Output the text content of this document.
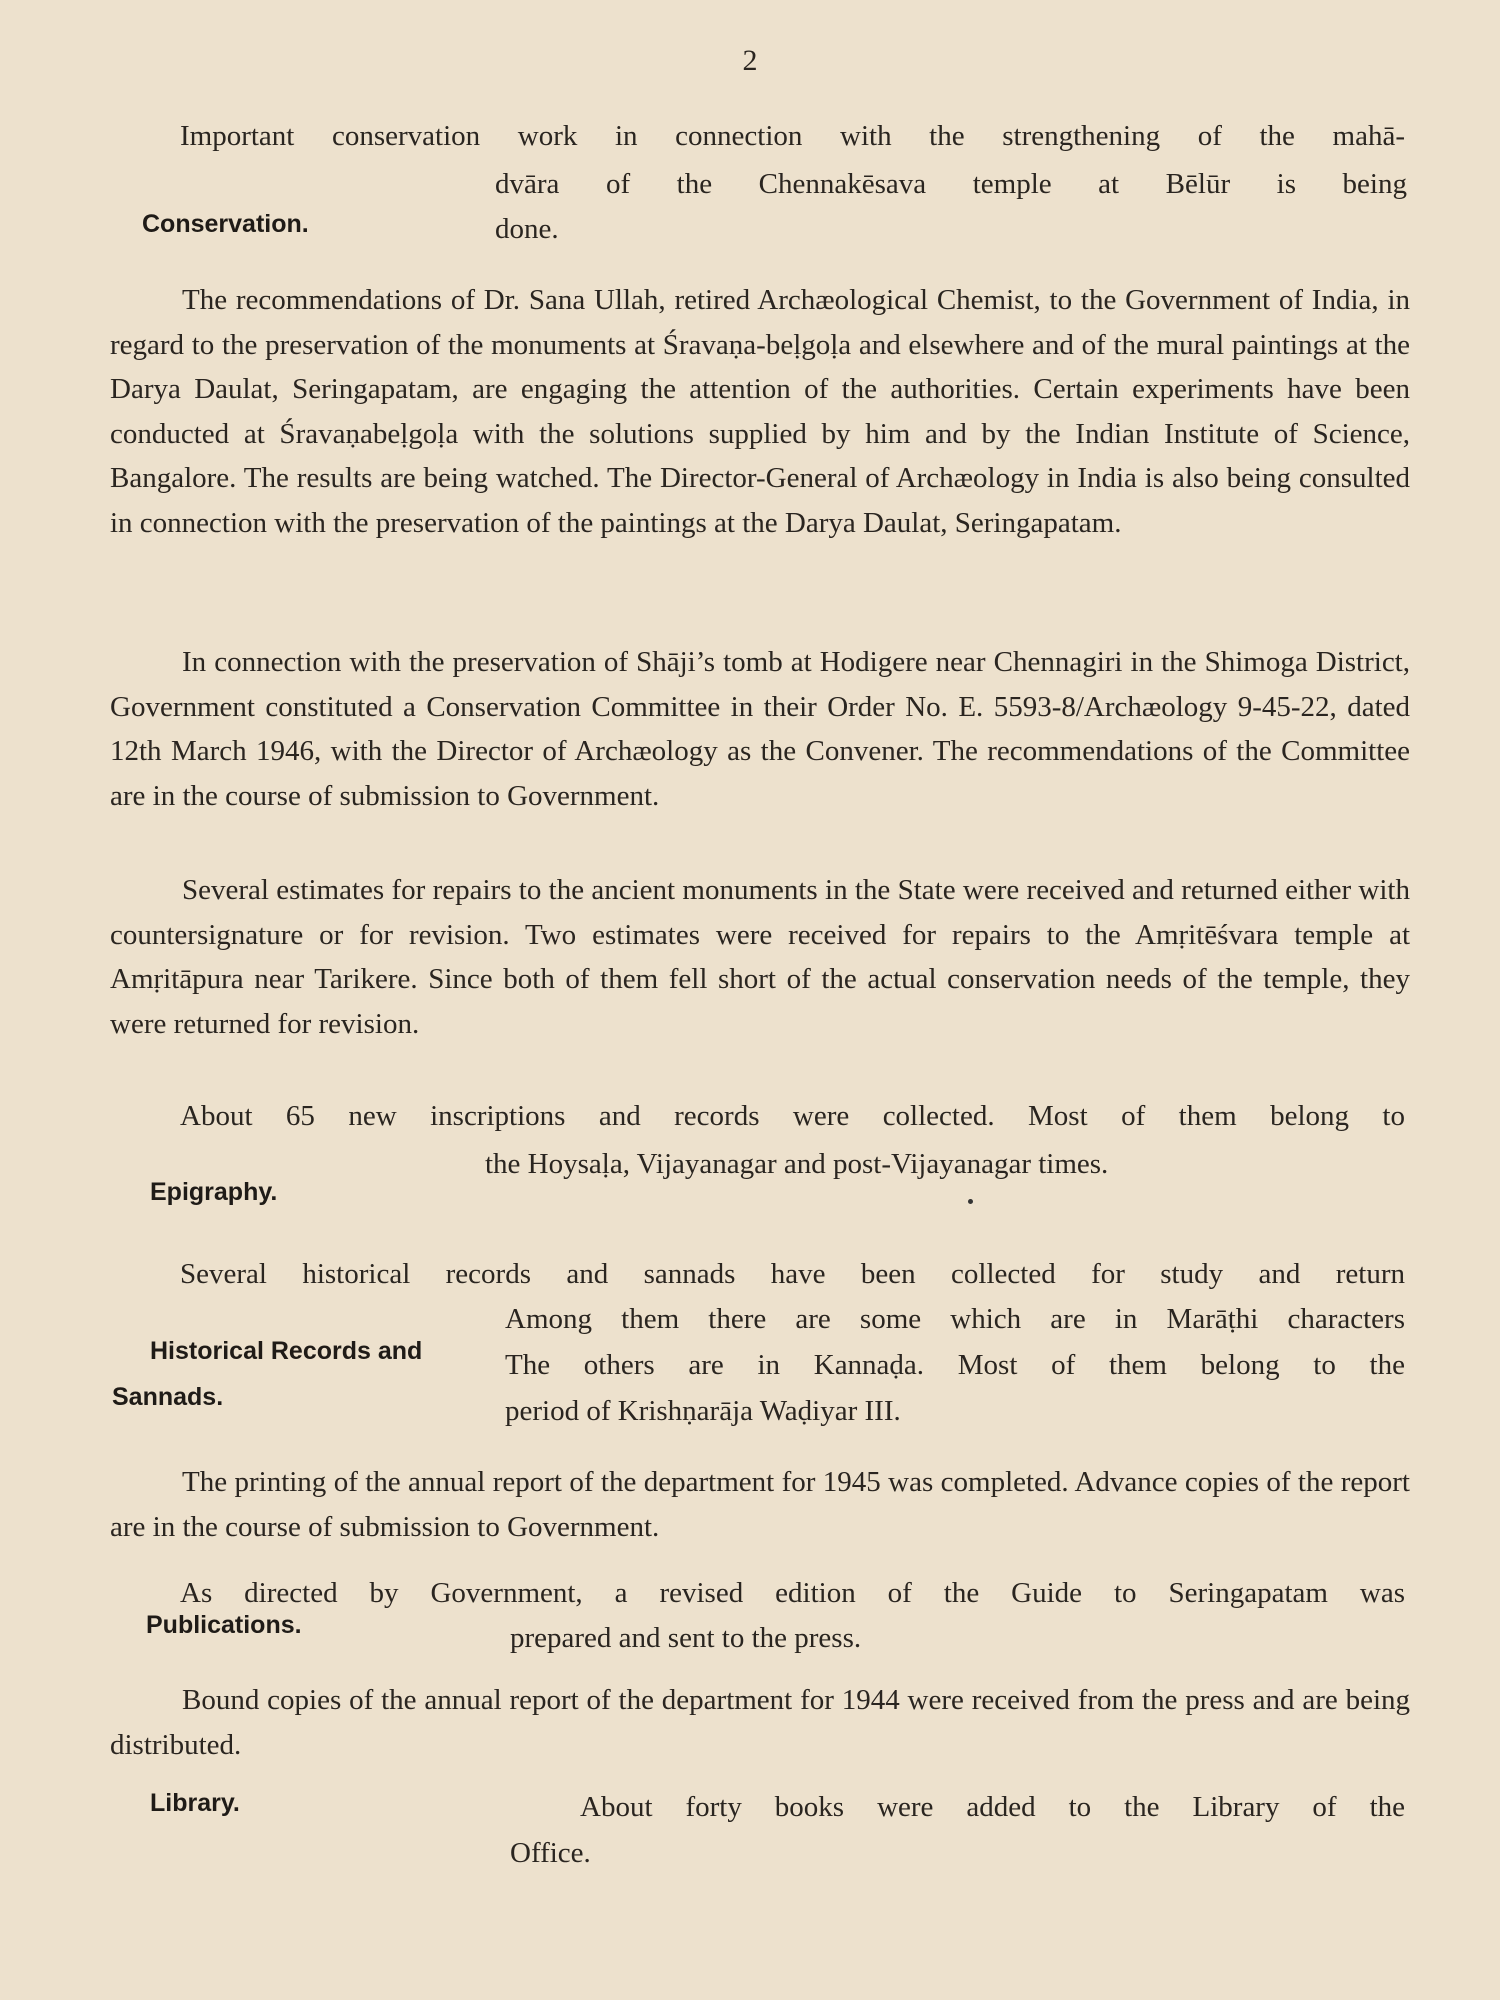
2

Important conservation work in connection with the strengthening of the mahā-

dvāra of the Chennakēsava temple at Bēlūr is being

Conservation.	done.

The recommendations of Dr. Sana Ullah, retired Archæological Chemist, to the Government of India, in regard to the preservation of the monuments at Śravaṇa-beḷgoḷa and elsewhere and of the mural paintings at the Darya Daulat, Seringapatam, are engaging the attention of the authorities. Certain experiments have been conducted at Śravaṇabeḷgoḷa with the solutions supplied by him and by the Indian Institute of Science, Bangalore. The results are being watched. The Director-General of Archæology in India is also being consulted in connection with the preservation of the paintings at the Darya Daulat, Seringapatam.

In connection with the preservation of Shāji’s tomb at Hodigere near Chennagiri in the Shimoga District, Government constituted a Conservation Committee in their Order No. E. 5593-8/Archæology 9-45-22, dated 12th March 1946, with the Director of Archæology as the Convener. The recommendations of the Committee are in the course of submission to Government.

Several estimates for repairs to the ancient monuments in the State were received and returned either with countersignature or for revision. Two estimates were received for repairs to the Amṛitēśvara temple at Amṛitāpura near Tarikere. Since both of them fell short of the actual conservation needs of the temple, they were returned for revision.

About 65 new inscriptions and records were collected. Most of them belong to

the Hoysaḷa, Vijayanagar and post-Vijayanagar times.

Epigraphy.

Several historical records and sannads have been collected for study and return

Among them there are some which are in Marāṭhi characters

Historical Records and	The others are in Kannaḍa. Most of them belong to the

Sannads.	period of Krishṇarāja Waḍiyar III.

The printing of the annual report of the department for 1945 was completed. Advance copies of the report are in the course of submission to Government.

As directed by Government, a revised edition of the Guide to Seringapatam was

Publications.	prepared and sent to the press.

Bound copies of the annual report of the department for 1944 were received from the press and are being distributed.

Library.	About forty books were added to the Library of the

Office.
